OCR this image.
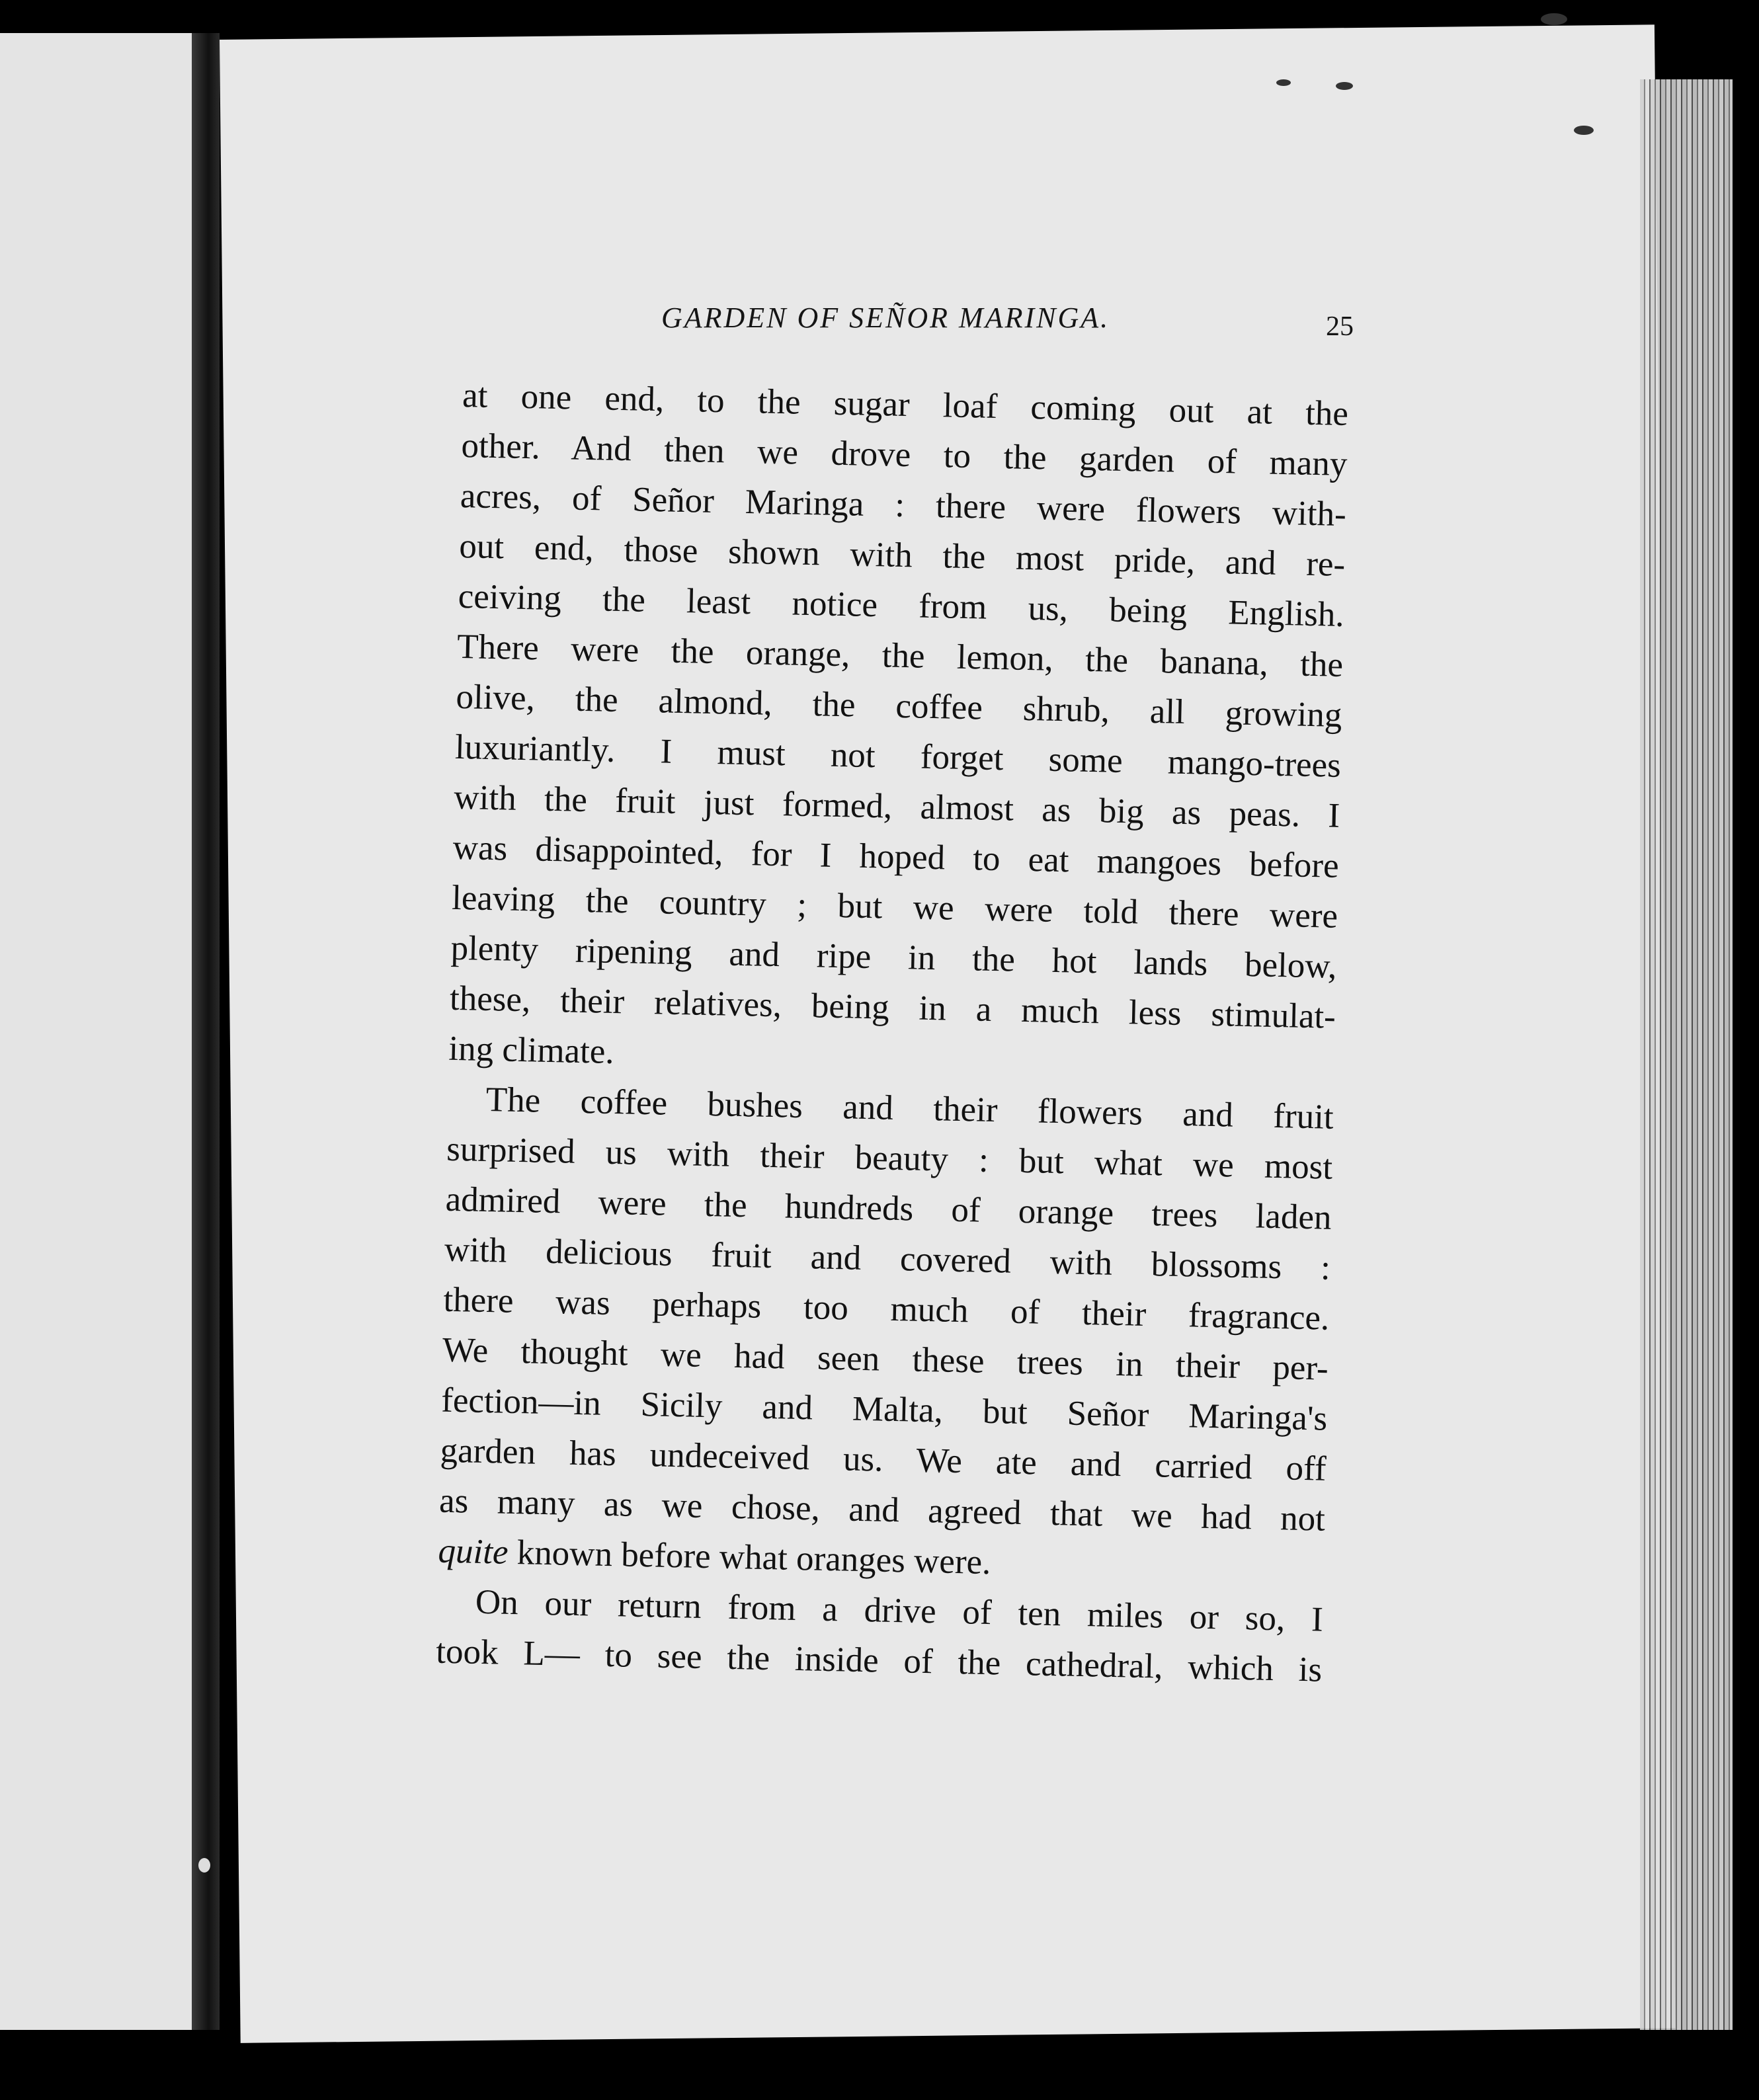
GARDEN OF SEÑOR MARINGA.	25
at one end, to the sugar loaf coming out at the
other. And then we drove to the garden of many
acres, of Señor Maringa : there were flowers with-
out end, those shown with the most pride, and re-
ceiving the least notice from us, being English.
There were the orange, the lemon, the banana, the
olive, the almond, the coffee shrub, all growing
luxuriantly. I must not forget some mango-trees
with the fruit just formed, almost as big as peas. I
was disappointed, for I hoped to eat mangoes before
leaving the country ; but we were told there were
plenty ripening and ripe in the hot lands below,
these, their relatives, being in a much less stimulat-
ing climate.
The coffee bushes and their flowers and fruit
surprised us with their beauty : but what we most
admired were the hundreds of orange trees laden
with delicious fruit and covered with blossoms :
there was perhaps too much of their fragrance.
We thought we had seen these trees in their per-
fection—in Sicily and Malta, but Señor Maringa's
garden has undeceived us. We ate and carried off
as many as we chose, and agreed that we had not
quite known before what oranges were.
On our return from a drive of ten miles or so, I
took L— to see the inside of the cathedral, which is
